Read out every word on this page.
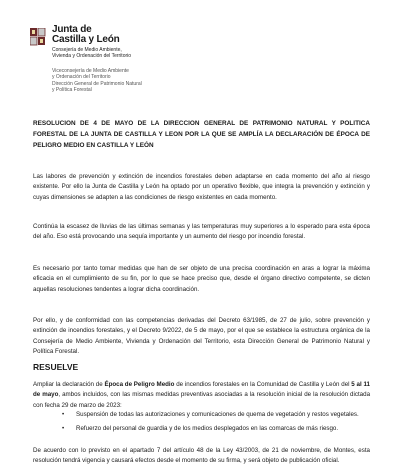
Junta de
Castilla y León
Consejería de Medio Ambiente,
Vivienda y Ordenación del Territorio
Viceconsejería de Medio Ambiente
y Ordenación del Territorio
Dirección General de Patrimonio Natural
y Política Forestal
RESOLUCION DE 4 DE MAYO DE LA DIRECCION GENERAL DE PATRIMONIO NATURAL Y POLITICA FORESTAL DE LA JUNTA DE CASTILLA Y LEON POR LA QUE SE AMPLÍA LA DECLARACIÓN DE ÉPOCA DE PELIGRO MEDIO EN CASTILLA Y LEÓN
Las labores de prevención y extinción de incendios forestales deben adaptarse en cada momento del año al riesgo existente. Por ello la Junta de Castilla y León ha optado por un operativo flexible, que integra la prevención y extinción y cuyas dimensiones se adapten a las condiciones de riesgo existentes en cada momento.
Continúa la escasez de lluvias de las últimas semanas y las temperaturas muy superiores a lo esperado para esta época del año. Eso está provocando una sequía importante y un aumento del riesgo por incendio forestal.
Es necesario por tanto tomar medidas que han de ser objeto de una precisa coordinación en aras a lograr la máxima eficacia en el cumplimiento de su fin, por lo que se hace preciso que, desde el órgano directivo competente, se dicten aquellas resoluciones tendentes a lograr dicha coordinación.
Por ello, y de conformidad con las competencias derivadas del Decreto 63/1985, de 27 de julio, sobre prevención y extinción de incendios forestales, y el Decreto 9/2022, de 5 de mayo, por el que se establece la estructura orgánica de la Consejería de Medio Ambiente, Vivienda y Ordenación del Territorio, esta Dirección General de Patrimonio Natural y Política Forestal.
RESUELVE
Ampliar la declaración de Época de Peligro Medio de incendios forestales en la Comunidad de Castilla y León del 5 al 11 de mayo, ambos incluidos, con las mismas medidas preventivas asociadas a la resolución inicial de la resolución dictada con fecha 29 de marzo de 2023:
• Suspensión de todas las autorizaciones y comunicaciones de quema de vegetación y restos vegetales.
• Refuerzo del personal de guardia y de los medios desplegados en las comarcas de más riesgo.
De acuerdo con lo previsto en el apartado 7 del artículo 48 de la Ley 43/2003, de 21 de noviembre, de Montes, esta resolución tendrá vigencia y causará efectos desde el momento de su firma, y será objeto de publicación oficial.
